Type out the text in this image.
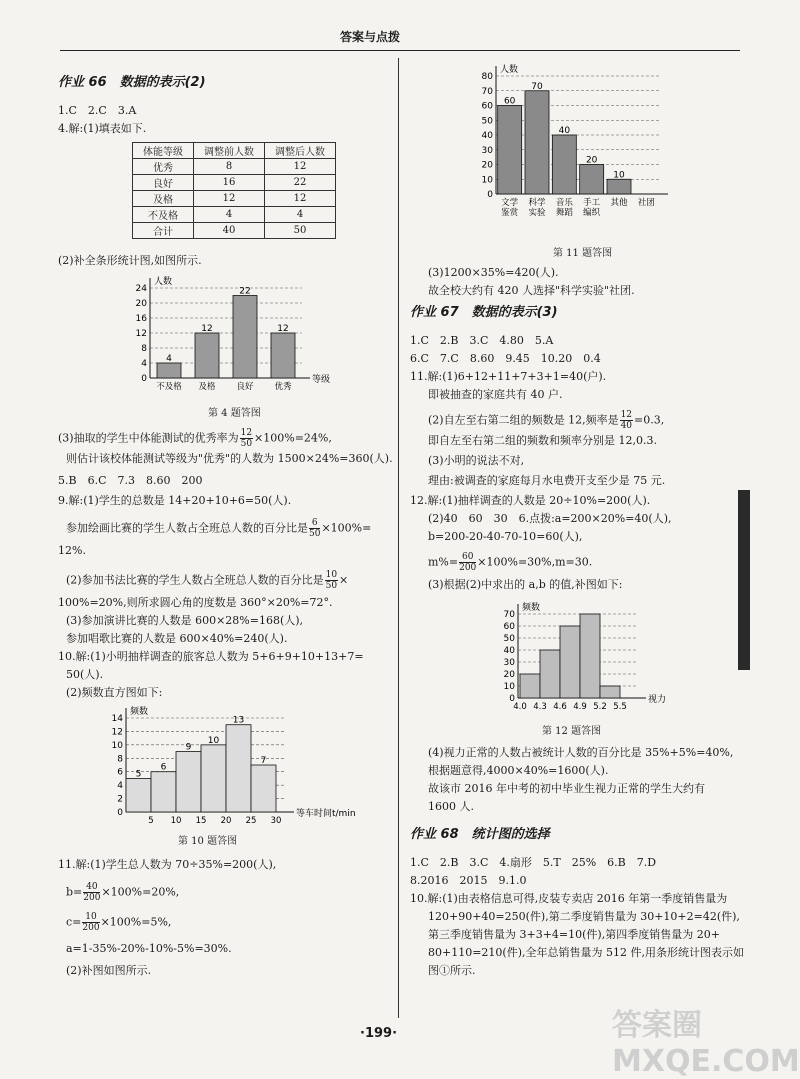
答案与点拨
作业 66　数据的表示(2)
1.C　2.C　3.A
4.解:(1)填表如下.
体能等级	调整前人数	调整后人数
优秀	8	12
良好	16	22
及格	12	12
不及格	4	4
合计	40	50
(2)补全条形统计图,如图所示.
0
4
8
12
16
20
24
人数
等级
4
不及格
12
及格
22
良好
12
优秀
第 4 题答图
(3)抽取的学生中体能测试的优秀率为 $\frac{12}{50} \times 100\%=24\%$,
则估计该校体能测试等级为"优秀"的人数为 1500×24%=360(人).
5.B　6.C　7.3　8.60　200
9.解:(1)学生的总数是 14+20+10+6=50(人).
参加绘画比赛的学生人数占全班总人数的百分比是 $\frac{6}{50} \times 100\%=$
12%.
(2)参加书法比赛的学生人数占全班总人数的百分比是 $\frac{10}{50}$ ×
100%=20%,则所求圆心角的度数是 360°×20%=72°.
(3)参加演讲比赛的人数是 600×28%=168(人),
参加唱歌比赛的人数是 600×40%=240(人).
10.解:(1)小明抽样调查的旅客总人数为 5+6+9+10+13+7=
50(人).
(2)频数直方图如下:
0
2
4
6
8
10
12
14
频数
等车时间t/min
5
6
9
10
13
7
5 10 15 20 25 30
第 10 题答图
11.解:(1)学生总人数为 70÷35%=200(人),
$b= \frac{40}{200} \times 100\%=20\%$,
$c= \frac{10}{200} \times 100\%=5\%$,
a=1-35%-20%-10%-5%=30%.
(2)补图如图所示.
0
10
20
30
40
50
60
70
80
人数
60
文学
鉴赏
70
科学
实验
40
音乐
舞蹈
20
手工
编织
10
其他 社团
第 11 题答图
(3)1200×35%=420(人).
故全校大约有 420 人选择"科学实验"社团.
作业 67　数据的表示(3)
1.C　2.B　3.C　4.80　5.A
6.C　7.C　8.60　9.45　10.20　0.4
11.解:(1)6+12+11+7+3+1=40(户).
即被抽查的家庭共有 40 户.
(2)自左至右第二组的频数是 12,频率是 $\frac{12}{40} =0.3$,
即自左至右第二组的频数和频率分别是 12,0.3.
(3)小明的说法不对,
理由:被调查的家庭每月水电费开支至少是 75 元.
12.解:(1)抽样调查的人数是 20÷10%=200(人).
(2)40　60　30　6.点拨:a=200×20%=40(人),
b=200-20-40-70-10=60(人),
$m\%= \frac{60}{200} \times 100\%=30\%,m=30$.
(3)根据(2)中求出的 a,b 的值,补图如下:
0
10
20
30
40
50
60
70
频数
视力
4.0 4.3 4.6 4.9 5.2 5.5
第 12 题答图
(4)视力正常的人数占被统计人数的百分比是 35%+5%=40%,
根据题意得,4000×40%=1600(人).
故该市 2016 年中考的初中毕业生视力正常的学生大约有
1600 人.
作业 68　统计图的选择
1.C　2.B　3.C　4.扇形　5.T　25%　6.B　7.D
8.2016　2015　9.1.0
10.解:(1)由表格信息可得,皮装专卖店 2016 年第一季度销售量为
120+90+40=250(件),第二季度销售量为 30+10+2=42(件),
第三季度销售量为 3+3+4=10(件),第四季度销售量为 20+
80+110=210(件),全年总销售量为 512 件,用条形统计图表示如
图①所示.
·199·	答案圈 MXQE.COM
